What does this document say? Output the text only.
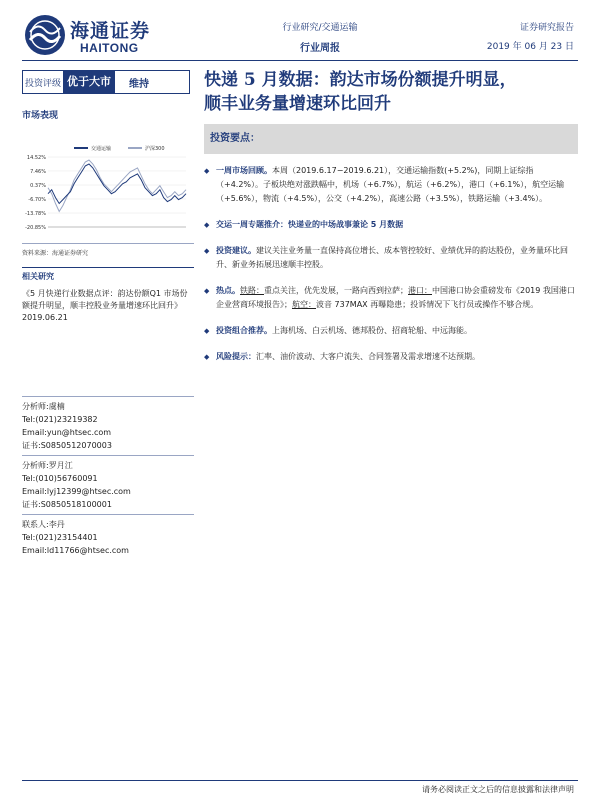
海通证券
HAITONG
行业研究/交通运输
行业周报
证券研究报告
2019 年 06 月 23 日
投资评级 优于大市	维持
市场表现
交通运输	沪深300
14.52%
7.46%
0.37%
-6.70%
-13.78%
-20.85%
资料来源：海通证券研究
相关研究
《5 月快递行业数据点评：韵达份额Q1 市场份额提升明显，顺丰控股业务量增速环比回升》2019.06.21
分析师:虞楠
Tel:(021)23219382
Email:yun@htsec.com
证书:S0850512070003
分析师:罗月江
Tel:(010)56760091
Email:lyj12399@htsec.com
证书:S0850518100001
联系人:李丹
Tel:(021)23154401
Email:ld11766@htsec.com
快递 5 月数据：韵达市场份额提升明显，
顺丰业务量增速环比回升
投资要点：
◆ 一周市场回顾。本周（2019.6.17−2019.6.21），交通运输指数(+5.2%)，同期上证综指（+4.2%）。子板块绝对涨跌幅中，机场（+6.7%），航运（+6.2%），港口（+6.1%），航空运输（+5.6%），物流（+4.5%），公交（+4.2%），高速公路（+3.5%），铁路运输（+3.4%）。
◆ 交运一周专题推介：快递业的中场战事兼论 5 月数据
◆ 投资建议。建议关注业务量一直保持高位增长、成本管控较好、业绩优异的韵达股份，业务量环比回升、新业务拓展迅速顺丰控股。
◆ 热点。铁路：重点关注，优先发展，一路向西到拉萨；港口：中国港口协会重磅发布《2019 我国港口企业营商环境报告》；航空：波音 737MAX 再曝隐患；投诉情况下飞行员或操作不够合规。
◆ 投资组合推荐。上海机场、白云机场、德邦股份、招商轮船、中远海能。
◆ 风险提示：汇率、油价波动、大客户流失、合同签署及需求增速不达预期。
请务必阅读正文之后的信息披露和法律声明
